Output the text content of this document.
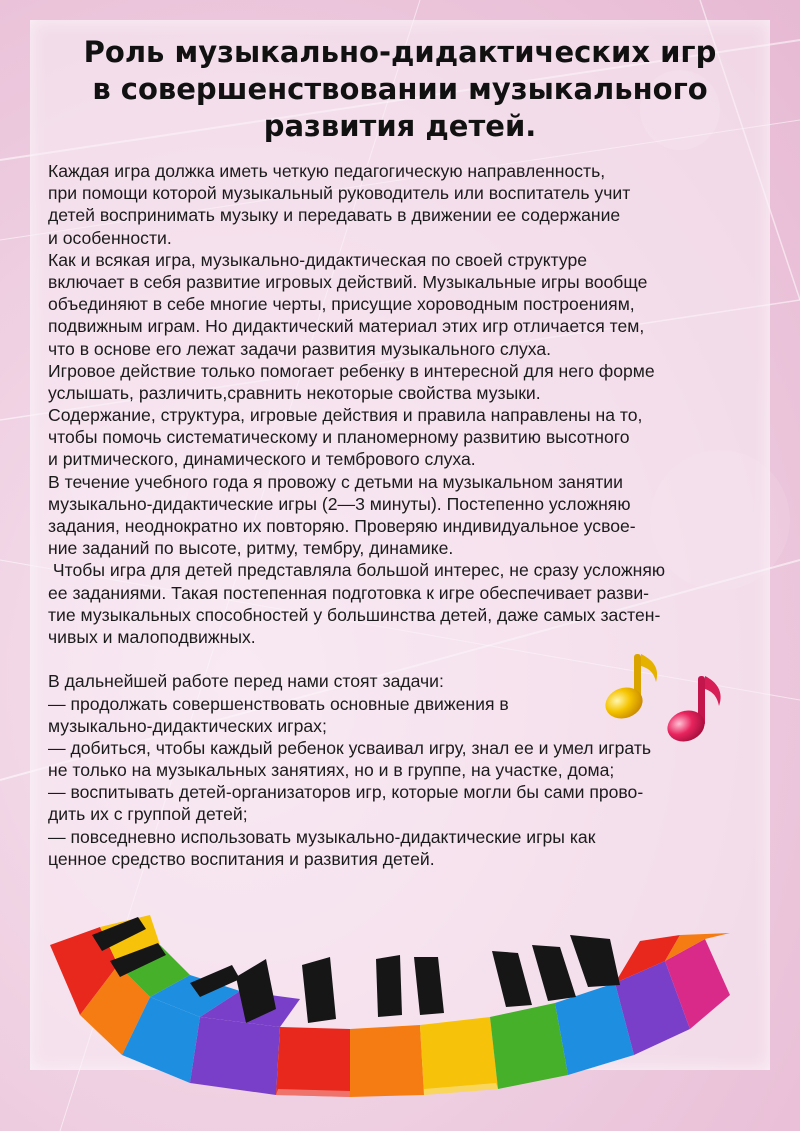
Роль музыкально-дидактических игр
в совершенствовании музыкального
развития детей.
Каждая игра должка иметь четкую педагогическую направленность,
при помощи которой музыкальный руководитель или воспитатель учит
детей воспринимать музыку и передавать в движении ее содержание
и особенности.
Как и всякая игра, музыкально-дидактическая по своей структуре
включает в себя развитие игровых действий. Музыкальные игры вообще
объединяют в себе многие черты, присущие хороводным построениям,
подвижным играм. Но дидактический материал этих игр отличается тем,
что в основе его лежат задачи развития музыкального слуха.
Игровое действие только помогает ребенку в интересной для него форме
услышать, различить,сравнить некоторые свойства музыки.
Содержание, структура, игровые действия и правила направлены на то,
чтобы помочь систематическому и планомерному развитию высотного
и ритмического, динамического и тембрового слуха.
В течение учебного года я провожу с детьми на музыкальном занятии
музыкально-дидактические игры (2—3 минуты). Постепенно усложняю
задания, неоднократно их повторяю. Проверяю индивидуальное усвое-
ние заданий по высоте, ритму, тембру, динамике.
Чтобы игра для детей представляла большой интерес, не сразу усложняю
ее заданиями. Такая постепенная подготовка к игре обеспечивает разви-
тие музыкальных способностей у большинства детей, даже самых застен-
чивых и малоподвижных.
В дальнейшей работе перед нами стоят задачи:
— продолжать совершенствовать основные движения в
музыкально-дидактических играх;
— добиться, чтобы каждый ребенок усваивал игру, знал ее и умел играть
не только на музыкальных занятиях, но и в группе, на участке, дома;
— воспитывать детей-организаторов игр, которые могли бы сами прово-
дить их с группой детей;
— повседневно использовать музыкально-дидактические игры как
ценное средство воспитания и развития детей.
